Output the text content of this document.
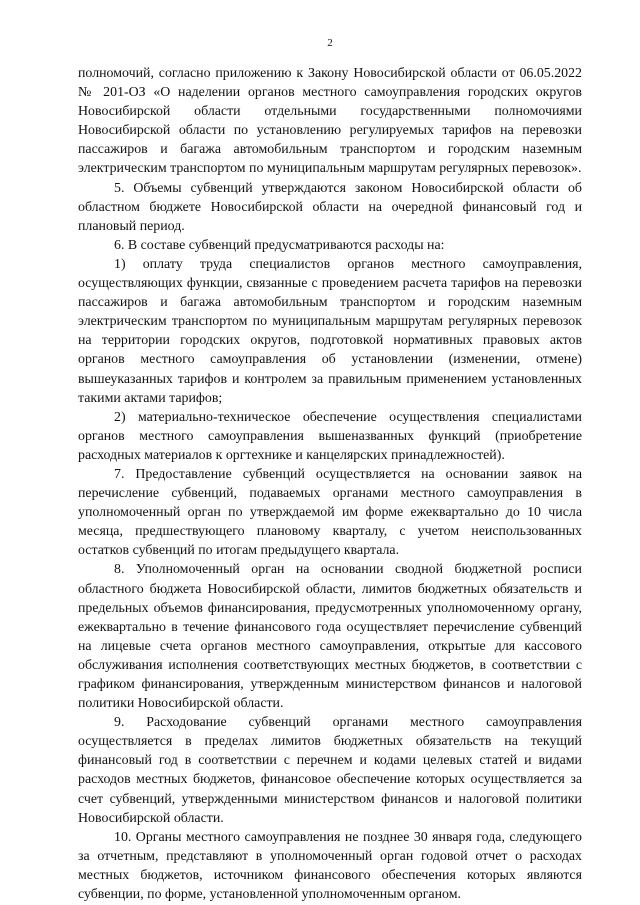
2

полномочий, согласно приложению к Закону Новосибирской области от 06.05.2022 № 201-ОЗ «О наделении органов местного самоуправления городских округов Новосибирской области отдельными государственными полномочиями Новосибирской области по установлению регулируемых тарифов на перевозки пассажиров и багажа автомобильным транспортом и городским наземным электрическим транспортом по муниципальным маршрутам регулярных перевозок».

5. Объемы субвенций утверждаются законом Новосибирской области об областном бюджете Новосибирской области на очередной финансовый год и плановый период.

6. В составе субвенций предусматриваются расходы на:

1) оплату труда специалистов органов местного самоуправления, осуществляющих функции, связанные с проведением расчета тарифов на перевозки пассажиров и багажа автомобильным транспортом и городским наземным электрическим транспортом по муниципальным маршрутам регулярных перевозок на территории городских округов, подготовкой нормативных правовых актов органов местного самоуправления об установлении (изменении, отмене) вышеуказанных тарифов и контролем за правильным применением установленных такими актами тарифов;

2) материально-техническое обеспечение осуществления специалистами органов местного самоуправления вышеназванных функций (приобретение расходных материалов к оргтехнике и канцелярских принадлежностей).

7. Предоставление субвенций осуществляется на основании заявок на перечисление субвенций, подаваемых органами местного самоуправления в уполномоченный орган по утверждаемой им форме ежеквартально до 10 числа месяца, предшествующего плановому кварталу, с учетом неиспользованных остатков субвенций по итогам предыдущего квартала.

8. Уполномоченный орган на основании сводной бюджетной росписи областного бюджета Новосибирской области, лимитов бюджетных обязательств и предельных объемов финансирования, предусмотренных уполномоченному органу, ежеквартально в течение финансового года осуществляет перечисление субвенций на лицевые счета органов местного самоуправления, открытые для кассового обслуживания исполнения соответствующих местных бюджетов, в соответствии с графиком финансирования, утвержденным министерством финансов и налоговой политики Новосибирской области.

9. Расходование субвенций органами местного самоуправления осуществляется в пределах лимитов бюджетных обязательств на текущий финансовый год в соответствии с перечнем и кодами целевых статей и видами расходов местных бюджетов, финансовое обеспечение которых осуществляется за счет субвенций, утвержденными министерством финансов и налоговой политики Новосибирской области.

10. Органы местного самоуправления не позднее 30 января года, следующего за отчетным, представляют в уполномоченный орган годовой отчет о расходах местных бюджетов, источником финансового обеспечения которых являются субвенции, по форме, установленной уполномоченным органом.
